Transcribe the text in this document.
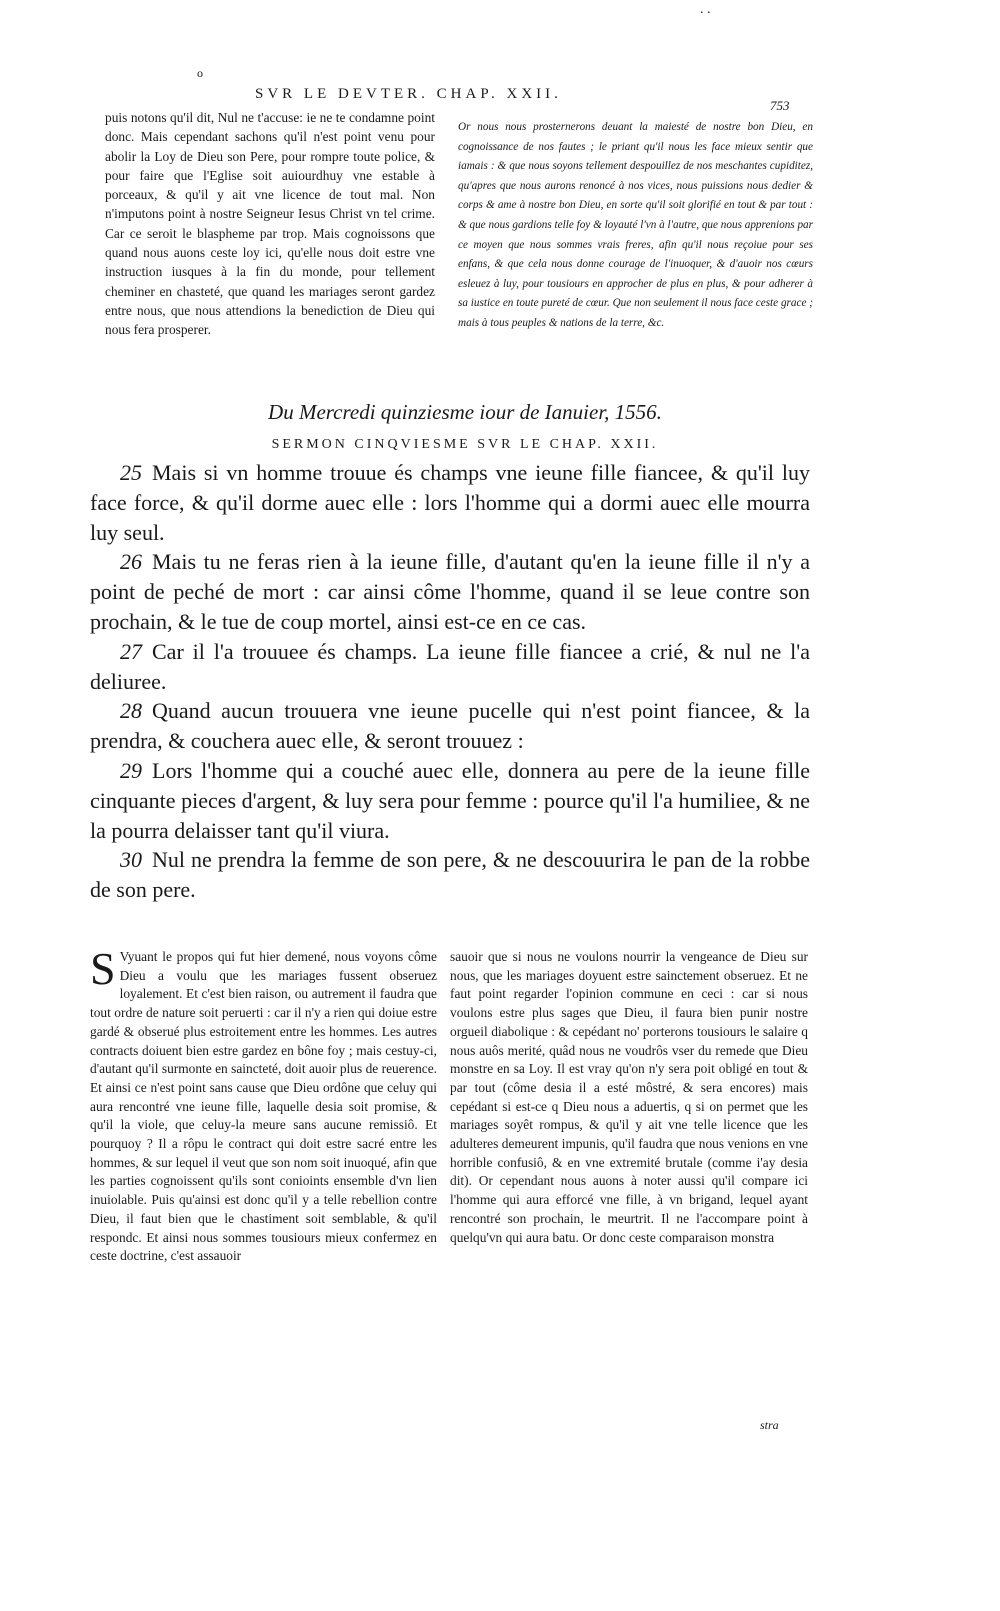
. .
o
SVR LE DEVTER. CHAP. XXII.
753

puis notons qu'il dit, Nul ne t'accuse: ie ne te condamne point donc. Mais cependant sachons qu'il n'est point venu pour abolir la Loy de Dieu son Pere, pour rompre toute police, & pour faire que l'Eglise soit auiourdhuy vne estable à porceaux, & qu'il y ait vne licence de tout mal. Non n'imputons point à nostre Seigneur Iesus Christ vn tel crime. Car ce seroit le blaspheme par trop. Mais cognoissons que quand nous auons ceste loy ici, qu'elle nous doit estre vne instruction iusques à la fin du monde, pour tellement cheminer en chasteté, que quand les mariages seront gardez entre nous, que nous attendions la benediction de Dieu qui nous fera prosperer.

Or nous nous prosternerons deuant la maiesté de nostre bon Dieu, en cognoissance de nos fautes ; le priant qu'il nous les face mieux sentir que iamais : & que nous soyons tellement despouillez de nos meschantes cupiditez, qu'apres que nous aurons renoncé à nos vices, nous puissions nous dedier & corps & ame à nostre bon Dieu, en sorte qu'il soit glorifié en tout & par tout : & que nous gardions telle foy & loyauté l'vn à l'autre, que nous apprenions par ce moyen que nous sommes vrais freres, afin qu'il nous reçoiue pour ses enfans, & que cela nous donne courage de l'inuoquer, & d'auoir nos cœurs esleuez à luy, pour tousiours en approcher de plus en plus, & pour adherer à sa iustice en toute pureté de cœur. Que non seulement il nous face ceste grace ; mais à tous peuples & nations de la terre, &c.

Du Mercredi quinziesme iour de Ianuier, 1556.
SERMON CINQVIESME SVR LE CHAP. XXII.

25 Mais si vn homme trouue és champs vne ieune fille fiancee, & qu'il luy face force, & qu'il dorme auec elle : lors l'homme qui a dormi auec elle mourra luy seul.

26 Mais tu ne feras rien à la ieune fille, d'autant qu'en la ieune fille il n'y a point de peché de mort : car ainsi côme l'homme, quand il se leue contre son prochain, & le tue de coup mortel, ainsi est-ce en ce cas.

27 Car il l'a trouuee és champs. La ieune fille fiancee a crié, & nul ne l'a deliuree.

28 Quand aucun trouuera vne ieune pucelle qui n'est point fiancee, & la prendra, & couchera auec elle, & seront trouuez :

29 Lors l'homme qui a couché auec elle, donnera au pere de la ieune fille cinquante pieces d'argent, & luy sera pour femme : pource qu'il l'a humiliee, & ne la pourra delaisser tant qu'il viura.

30 Nul ne prendra la femme de son pere, & ne descouurira le pan de la robbe de son pere.

S Vyuant le propos qui fut hier demené, nous voyons côme Dieu a voulu que les mariages fussent obseruez loyalement. Et c'est bien raison, ou autrement il faudra que tout ordre de nature soit peruerti : car il n'y a rien qui doiue estre gardé & obserué plus estroitement entre les hommes. Les autres contracts doiuent bien estre gardez en bône foy ; mais cestuy-ci, d'autant qu'il surmonte en saincteté, doit auoir plus de reuerence. Et ainsi ce n'est point sans cause que Dieu ordône que celuy qui aura rencontré vne ieune fille, laquelle desia soit promise, & qu'il la viole, que celuy-la meure sans aucune remissiô. Et pourquoy ? Il a rôpu le contract qui doit estre sacré entre les hommes, & sur lequel il veut que son nom soit inuoqué, afin que les parties cognoissent qu'ils sont conioints ensemble d'vn lien inuiolable. Puis qu'ainsi est donc qu'il y a telle rebellion contre Dieu, il faut bien que le chastiment soit semblable, & qu'il respondc. Et ainsi nous sommes tousiours mieux confermez en ceste doctrine, c'est assauoir

sauoir que si nous ne voulons nourrir la vengeance de Dieu sur nous, que les mariages doyuent estre sainctement obseruez. Et ne faut point regarder l'opinion commune en ceci : car si nous voulons estre plus sages que Dieu, il faura bien punir nostre orgueil diabolique : & cepédant no' porterons tousiours le salaire q nous auôs merité, quâd nous ne voudrôs vser du remede que Dieu monstre en sa Loy. Il est vray qu'on n'y sera poit obligé en tout & par tout (côme desia il a esté môstré, & sera encores) mais cepédant si est-ce q Dieu nous a aduertis, q si on permet que les mariages soyêt rompus, & qu'il y ait vne telle licence que les adulteres demeurent impunis, qu'il faudra que nous venions en vne horrible confusiô, & en vne extremité brutale (comme i'ay desia dit). Or cependant nous auons à noter aussi qu'il compare ici l'homme qui aura efforcé vne fille, à vn brigand, lequel ayant rencontré son prochain, le meurtrit. Il ne l'accompare point à quelqu'vn qui aura batu. Or donc ceste comparaison monstra

stra
